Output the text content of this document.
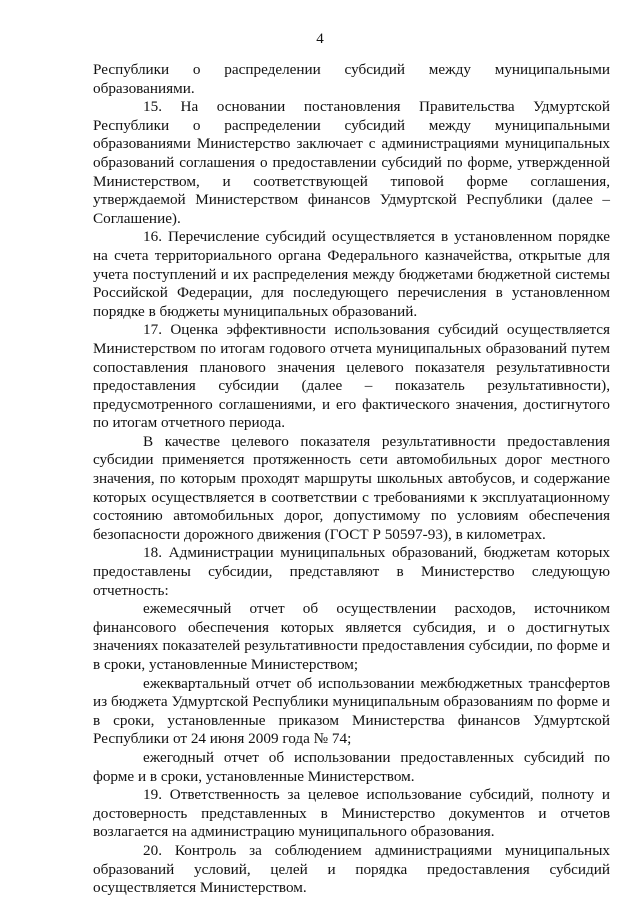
4

Республики о распределении субсидий между муниципальными образованиями.

15. На основании постановления Правительства Удмуртской Республики о распределении субсидий между муниципальными образованиями Министерство заключает с администрациями муниципальных образований соглашения о предоставлении субсидий по форме, утвержденной Министерством, и соответствующей типовой форме соглашения, утверждаемой Министерством финансов Удмуртской Республики (далее – Соглашение).

16. Перечисление субсидий осуществляется в установленном порядке на счета территориального органа Федерального казначейства, открытые для учета поступлений и их распределения между бюджетами бюджетной системы Российской Федерации, для последующего перечисления в установленном порядке в бюджеты муниципальных образований.

17. Оценка эффективности использования субсидий осуществляется Министерством по итогам годового отчета муниципальных образований путем сопоставления планового значения целевого показателя результативности предоставления субсидии (далее – показатель результативности), предусмотренного соглашениями, и его фактического значения, достигнутого по итогам отчетного периода.

В качестве целевого показателя результативности предоставления субсидии применяется протяженность сети автомобильных дорог местного значения, по которым проходят маршруты школьных автобусов, и содержание которых осуществляется в соответствии с требованиями к эксплуатационному состоянию автомобильных дорог, допустимому по условиям обеспечения безопасности дорожного движения (ГОСТ Р 50597-93), в километрах.

18. Администрации муниципальных образований, бюджетам которых предоставлены субсидии, представляют в Министерство следующую отчетность:

ежемесячный отчет об осуществлении расходов, источником финансового обеспечения которых является субсидия, и о достигнутых значениях показателей результативности предоставления субсидии, по форме и в сроки, установленные Министерством;

ежеквартальный отчет об использовании межбюджетных трансфертов из бюджета Удмуртской Республики муниципальным образованиям по форме и в сроки, установленные приказом Министерства финансов Удмуртской Республики от 24 июня 2009 года № 74;

ежегодный отчет об использовании предоставленных субсидий по форме и в сроки, установленные Министерством.

19. Ответственность за целевое использование субсидий, полноту и достоверность представленных в Министерство документов и отчетов возлагается на администрацию муниципального образования.

20. Контроль за соблюдением администрациями муниципальных образований условий, целей и порядка предоставления субсидий осуществляется Министерством.
